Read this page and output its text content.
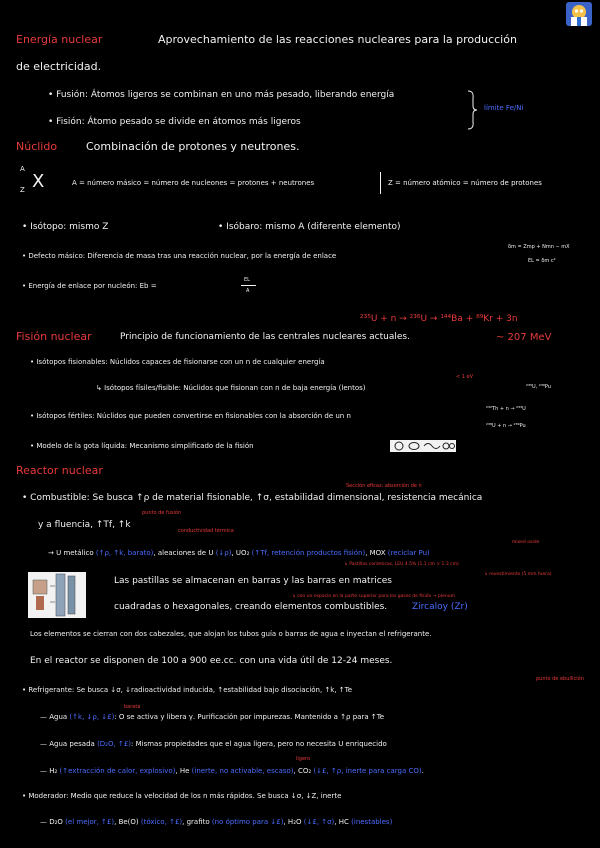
Energía nuclear	Aprovechamiento de las reacciones nucleares para la producción
de electricidad.
• Fusión: Átomos ligeros se combinan en uno más pesado, liberando energía
• Fisión: Átomo pesado se divide en átomos más ligeros
límite Fe/Ni
Núclido	Combinación de protones y neutrones.
A
Z X	A = número másico = número de nucleones = protones + neutrones	Z = número atómico = número de protones
• Isótopo: mismo Z	• Isóbaro: mismo A (diferente elemento)
• Defecto másico: Diferencia de masa tras una reacción nuclear, por la energía de enlace
δm = Zmp + Nmn − mX
EL = δm c²
• Energía de enlace por nucleón: Eb =
EL
A
²³⁵U + n → ²³⁶U → ¹⁴⁴Ba + ⁸⁹Kr + 3n
Fisión nuclear	Principio de funcionamiento de las centrales nucleares actuales.	~ 207 MeV
• Isótopos fisionables: Núclidos capaces de fisionarse con un n de cualquier energía
< 1 eV
↳ Isótopos físiles/fisible: Núclidos que fisionan con n de baja energía (lentos)	²³⁵U, ²³⁹Pu
²³²Th + n → ²³³U
• Isótopos fértiles: Núclidos que pueden convertirse en fisionables con la absorción de un n
²³⁸U + n → ²³⁹Pu
• Modelo de la gota líquida: Mecanismo simplificado de la fisión
Reactor nuclear
Sección eficaz: absorción de n
• Combustible: Se busca ↑ρ de material fisionable, ↑σ, estabilidad dimensional, resistencia mecánica
punto de fusión
y a fluencia, ↑Tf, ↑k
conductividad térmica
→ U metálico (↑ρ, ↑k, barato), aleaciones de U (↓ρ), UO₂ (↑Tf, retención productos fisión), MOX (reciclar Pu)
mixed oxide
↳ Pastillas cerámicas, LEU 4.5% (1.1 cm × 1.3 cm)
↳ revestimiento (5 mm fuera)
Las pastillas se almacenan en barras y las barras en matrices
cuadradas o hexagonales, creando elementos combustibles.
↳ con un espacio en la parte superior para los gases de fisión → plenum
Zircaloy (Zr)
Los elementos se cierran con dos cabezales, que alojan los tubos guía o barras de agua e inyectan el refrigerante.
En el reactor se disponen de 100 a 900 ee.cc. con una vida útil de 12-24 meses.
punto de ebullición
• Refrigerante: Se busca ↓σ, ↓radioactividad inducida, ↑estabilidad bajo disociación, ↑k, ↑Te
barata
— Agua (↑k, ↓ρ, ↓£): O se activa y libera γ. Purificación por impurezas. Mantenido a ↑ρ para ↑Te
— Agua pesada (D₂O, ↑£): Mismas propiedades que el agua ligera, pero no necesita U enriquecido
ligero
— H₂ (↑extracción de calor, explosivo), He (inerte, no activable, escaso), CO₂ (↓£, ↑ρ, inerte para carga CO).
• Moderador: Medio que reduce la velocidad de los n más rápidos. Se busca ↓σ, ↓Z, inerte
— D₂O (el mejor, ↑£), Be(O) (tóxico, ↑£), grafito (no óptimo para ↓£), H₂O (↓£, ↑σ), HC (inestables)
